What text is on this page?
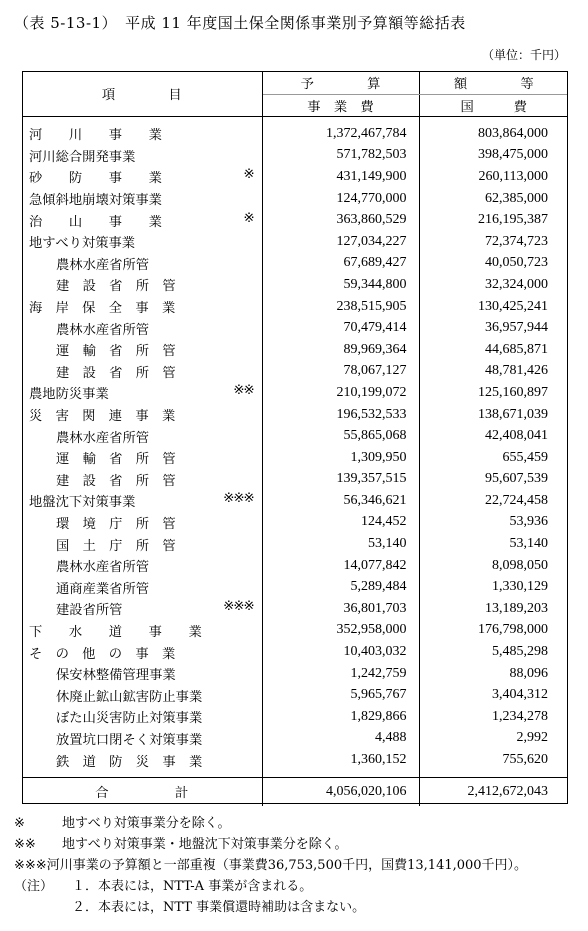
（表 5-13-1）　平成 11 年度国土保全関係事業別予算額等総括表
（単位：千円）
項　　　　目	予　　　　算	額　　　　等
	事　業　費	国　　　費

河　　川　　事　　業	1,372,467,784	803,864,000

河川総合開発事業	571,782,503	398,475,000

砂　　防　　事　　業 ※	431,149,900	260,113,000

急傾斜地崩壊対策事業	124,770,000	62,385,000

治　　山　　事　　業 ※	363,860,529	216,195,387

地すべり対策事業	127,034,227	72,374,723

農林水産省所管	67,689,427	40,050,723

建　設　省　所　管	59,344,800	32,324,000

海　岸　保　全　事　業	238,515,905	130,425,241

農林水産省所管	70,479,414	36,957,944

運　輸　省　所　管	89,969,364	44,685,871

建　設　省　所　管	78,067,127	48,781,426

農地防災事業 ※※	210,199,072	125,160,897

災　害　関　連　事　業	196,532,533	138,671,039

農林水産省所管	55,865,068	42,408,041

運　輸　省　所　管	1,309,950	655,459

建　設　省　所　管	139,357,515	95,607,539

地盤沈下対策事業 ※※※	56,346,621	22,724,458

環　境　庁　所　管	124,452	53,936

国　土　庁　所　管	53,140	53,140

農林水産省所管	14,077,842	8,098,050

通商産業省所管	5,289,484	1,330,129

建設省所管 ※※※	36,801,703	13,189,203

下　　水　　道　　事　　業	352,958,000	176,798,000

そ　の　他　の　事　業	10,403,032	5,485,298

保安林整備管理事業	1,242,759	88,096

休廃止鉱山鉱害防止事業	5,965,767	3,404,312

ぼた山災害防止対策事業	1,829,866	1,234,278

放置坑口閉そく対策事業	4,488	2,992

鉄　道　防　災　事　業	1,360,152	755,620
合　　　　　計	4,056,020,106	2,412,672,043
※	地すべり対策事業分を除く。
※※	地すべり対策事業・地盤沈下対策事業分を除く。
※※※ 河川事業の予算額と一部重複（事業費36,753,500千円，国費13,141,000千円）。
（注）	１．本表には，NTT-A 事業が含まれる。
２．本表には，NTT 事業償還時補助は含まない。
